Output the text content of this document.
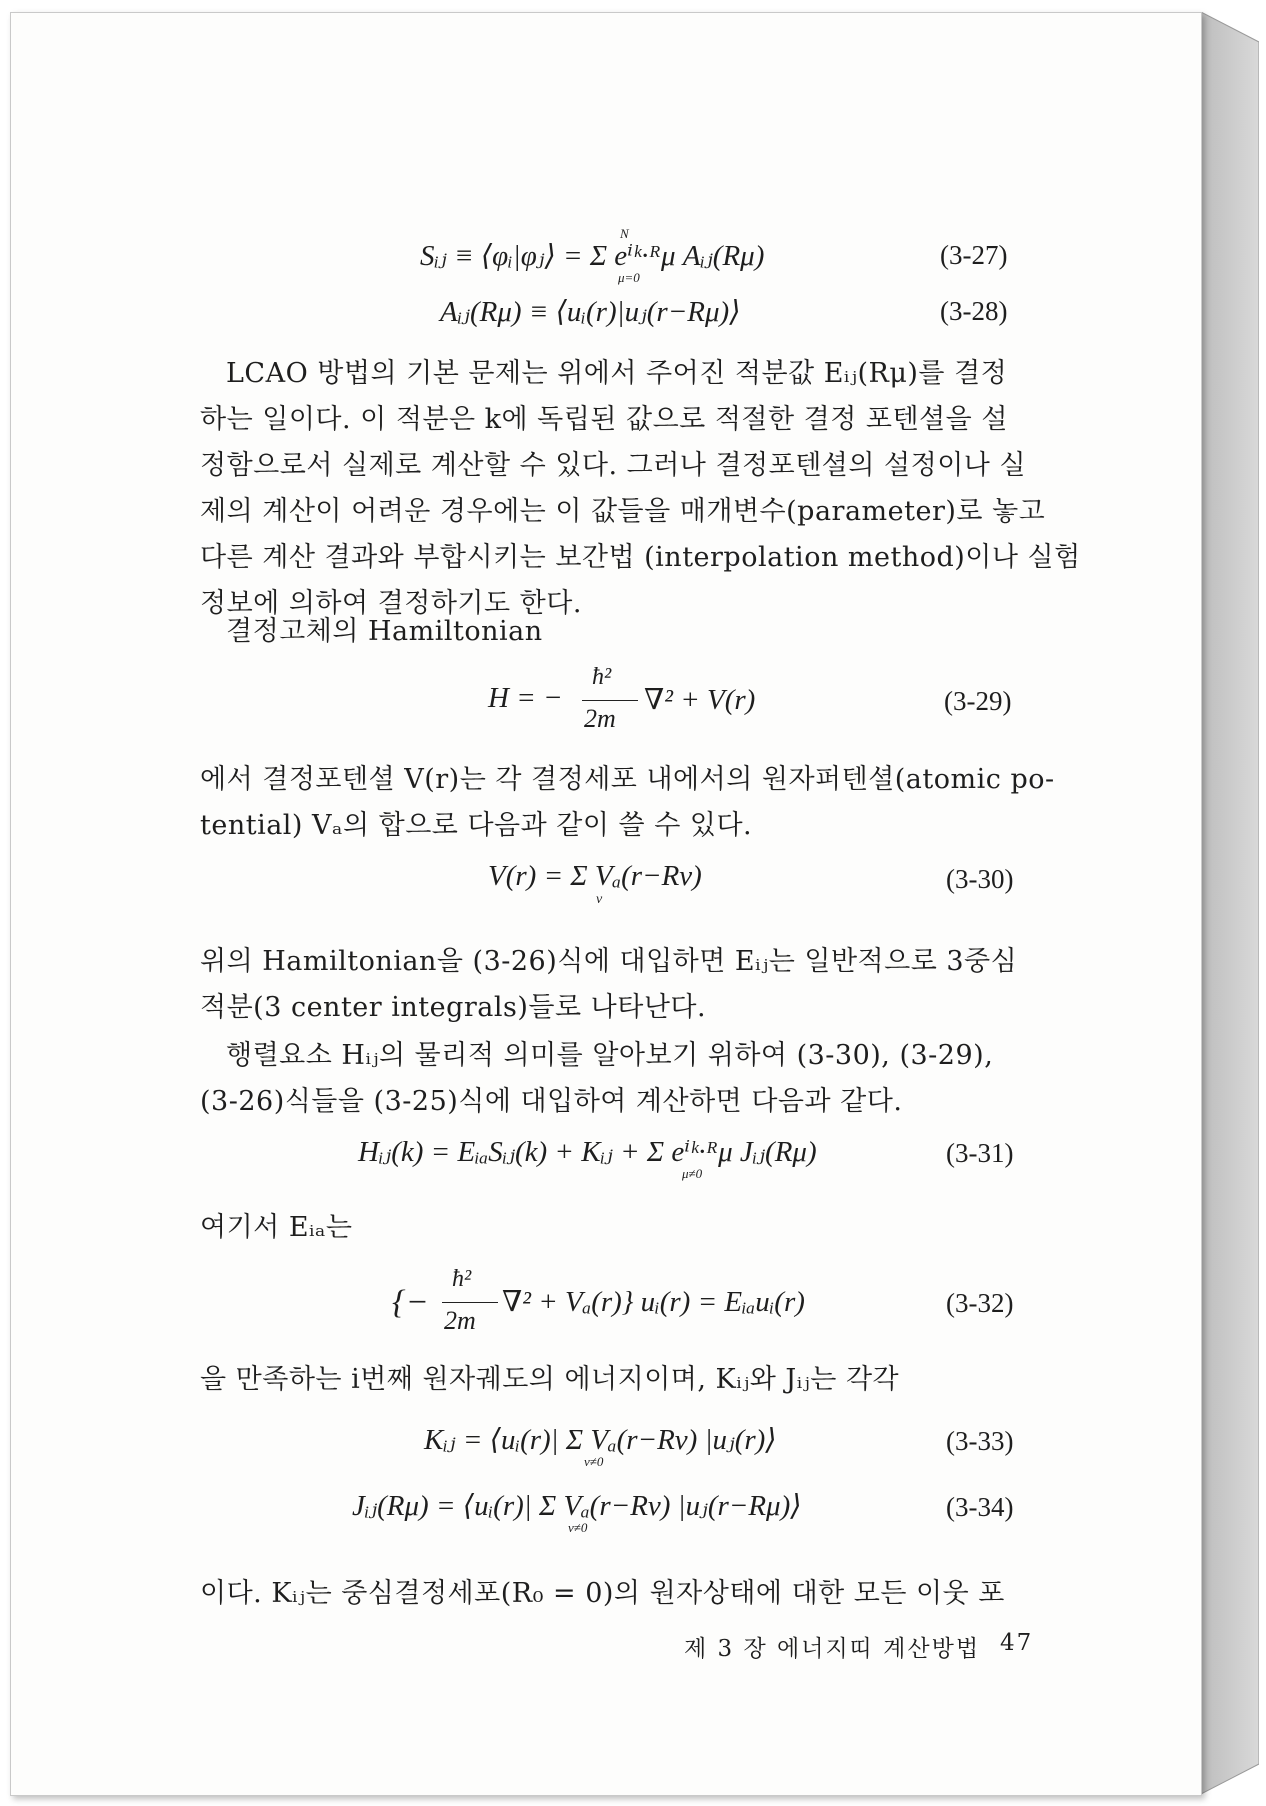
Sᵢⱼ ≡ ⟨φᵢ|φⱼ⟩ = Σ eⁱᵏ·ᴿμ Aᵢⱼ(Rμ)	(3-27)
N
μ=0
Aᵢⱼ(Rμ) ≡ ⟨uᵢ(r)|uⱼ(r−Rμ)⟩	(3-28)
LCAO 방법의 기본 문제는 위에서 주어진 적분값 Eᵢⱼ(Rμ)를 결정
하는 일이다. 이 적분은 k에 독립된 값으로 적절한 결정 포텐셜을 설
정함으로서 실제로 계산할 수 있다. 그러나 결정포텐셜의 설정이나 실
제의 계산이 어려운 경우에는 이 값들을 매개변수(parameter)로 놓고
다른 계산 결과와 부합시키는 보간법 (interpolation method)이나 실험
정보에 의하여 결정하기도 한다.
결정고체의 Hamiltonian
H = −
ħ²
2m
∇² + V(r)	(3-29)
에서 결정포텐셜 V(r)는 각 결정세포 내에서의 원자퍼텐셜(atomic po-
tential) Vₐ의 합으로 다음과 같이 쓸 수 있다.
V(r) = Σ Vₐ(r−Rν)
ν
(3-30)
위의 Hamiltonian을 (3-26)식에 대입하면 Eᵢⱼ는 일반적으로 3중심
적분(3 center integrals)들로 나타난다.
행렬요소 Hᵢⱼ의 물리적 의미를 알아보기 위하여 (3-30), (3-29),
(3-26)식들을 (3-25)식에 대입하여 계산하면 다음과 같다.
Hᵢⱼ(k) = EᵢₐSᵢⱼ(k) + Kᵢⱼ + Σ eⁱᵏ·ᴿμ Jᵢⱼ(Rμ)
μ≠0
(3-31)
여기서 Eᵢₐ는
{−
ħ²
2m
∇² + Vₐ(r)} uᵢ(r) = Eᵢₐuᵢ(r)	(3-32)
을 만족하는 i번째 원자궤도의 에너지이며, Kᵢⱼ와 Jᵢⱼ는 각각
Kᵢⱼ = ⟨uᵢ(r)| Σ Vₐ(r−Rν) |uⱼ(r)⟩
ν≠0
(3-33)
Jᵢⱼ(Rμ) = ⟨uᵢ(r)| Σ Vₐ(r−Rν) |uⱼ(r−Rμ)⟩
ν≠0
(3-34)
이다. Kᵢⱼ는 중심결정세포(R₀ = 0)의 원자상태에 대한 모든 이웃 포
제 3 장 에너지띠 계산방법 47
